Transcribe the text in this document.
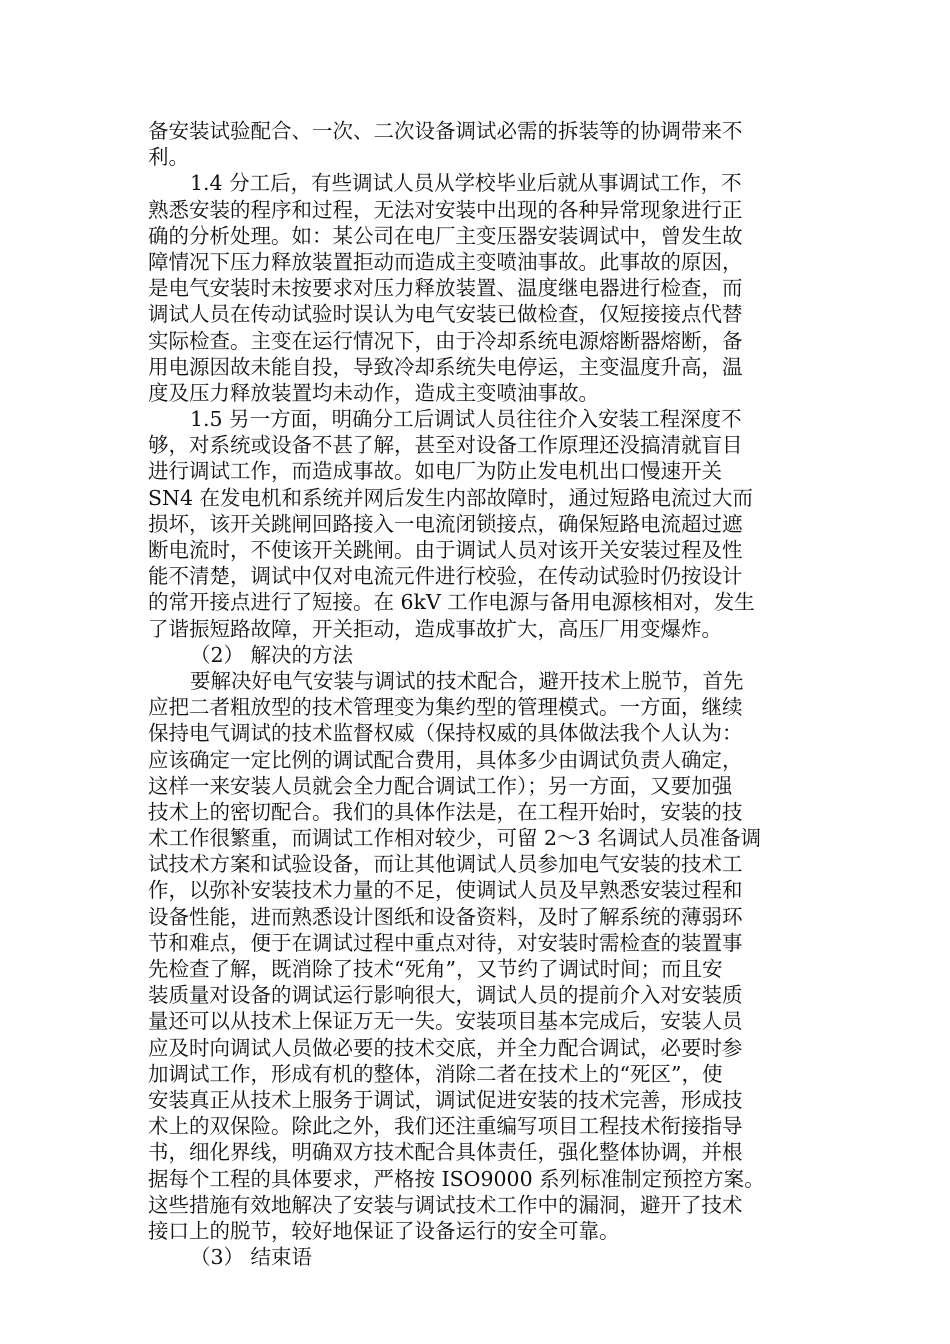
备安装试验配合、一次、二次设备调试必需的拆装等的协调带来不
利。
1.4 分工后，有些调试人员从学校毕业后就从事调试工作，不
熟悉安装的程序和过程，无法对安装中出现的各种异常现象进行正
确的分析处理。如：某公司在电厂主变压器安装调试中，曾发生故
障情况下压力释放装置拒动而造成主变喷油事故。此事故的原因，
是电气安装时未按要求对压力释放装置、温度继电器进行检查，而
调试人员在传动试验时误认为电气安装已做检查，仅短接接点代替
实际检查。主变在运行情况下，由于冷却系统电源熔断器熔断，备
用电源因故未能自投，导致冷却系统失电停运，主变温度升高，温
度及压力释放装置均未动作，造成主变喷油事故。
1.5 另一方面，明确分工后调试人员往往介入安装工程深度不
够，对系统或设备不甚了解，甚至对设备工作原理还没搞清就盲目
进行调试工作，而造成事故。如电厂为防止发电机出口慢速开关
SN4 在发电机和系统并网后发生内部故障时，通过短路电流过大而
损坏，该开关跳闸回路接入一电流闭锁接点，确保短路电流超过遮
断电流时，不使该开关跳闸。由于调试人员对该开关安装过程及性
能不清楚，调试中仅对电流元件进行校验，在传动试验时仍按设计
的常开接点进行了短接。在 6kV 工作电源与备用电源核相对，发生
了谐振短路故障，开关拒动，造成事故扩大，高压厂用变爆炸。
（2） 解决的方法
要解决好电气安装与调试的技术配合，避开技术上脱节，首先
应把二者粗放型的技术管理变为集约型的管理模式。一方面，继续
保持电气调试的技术监督权威（保持权威的具体做法我个人认为：
应该确定一定比例的调试配合费用，具体多少由调试负责人确定，
这样一来安装人员就会全力配合调试工作）；另一方面，又要加强
技术上的密切配合。我们的具体作法是，在工程开始时，安装的技
术工作很繁重，而调试工作相对较少，可留 2～3 名调试人员准备调
试技术方案和试验设备，而让其他调试人员参加电气安装的技术工
作，以弥补安装技术力量的不足，使调试人员及早熟悉安装过程和
设备性能，进而熟悉设计图纸和设备资料，及时了解系统的薄弱环
节和难点，便于在调试过程中重点对待，对安装时需检查的装置事
先检查了解，既消除了技术“死角”，又节约了调试时间；而且安
装质量对设备的调试运行影响很大，调试人员的提前介入对安装质
量还可以从技术上保证万无一失。安装项目基本完成后，安装人员
应及时向调试人员做必要的技术交底，并全力配合调试，必要时参
加调试工作，形成有机的整体，消除二者在技术上的“死区”，使
安装真正从技术上服务于调试，调试促进安装的技术完善，形成技
术上的双保险。除此之外，我们还注重编写项目工程技术衔接指导
书，细化界线，明确双方技术配合具体责任，强化整体协调，并根
据每个工程的具体要求，严格按 ISO9000 系列标准制定预控方案。
这些措施有效地解决了安装与调试技术工作中的漏洞，避开了技术
接口上的脱节，较好地保证了设备运行的安全可靠。
（3） 结束语
